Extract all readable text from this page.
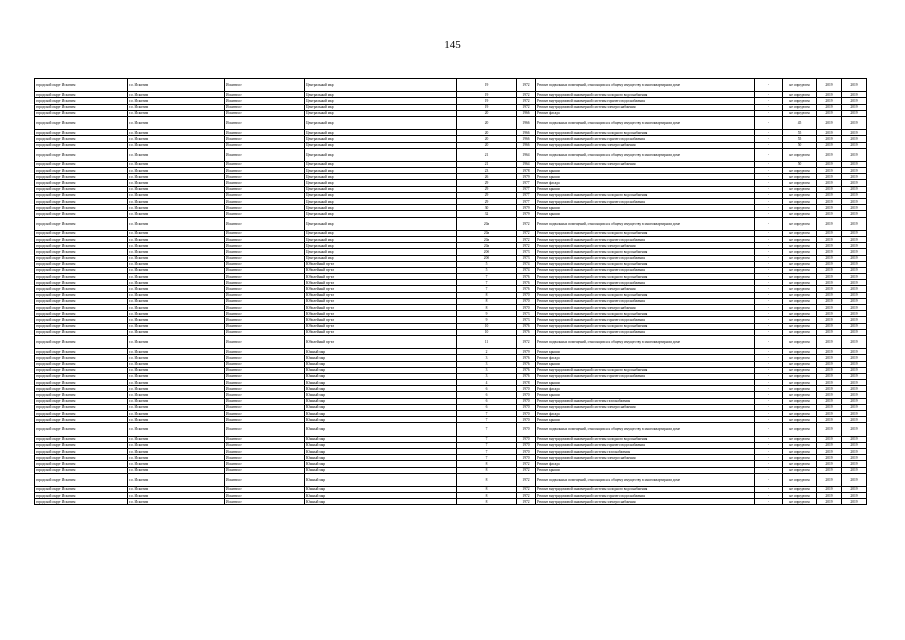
145
городской округ Искитим	г.о. Искитим	Искитим г	Центральный мкр	19	1972	Ремонт подвальных помещений, относящихся к общему имуществу в многоквартирном доме	-	не определен	2019	2019
городской округ Искитим	г.о. Искитим	Искитим г	Центральный мкр	19	1972	Ремонт внутридомовой инженерной системы холодного водоснабжения	-	не определен	2019	2019
городской округ Искитим	г.о. Искитим	Искитим г	Центральный мкр	19	1972	Ремонт внутридомовой инженерной системы горячего водоснабжения	-	не определен	2019	2019
городской округ Искитим	г.о. Искитим	Искитим г	Центральный мкр	19	1972	Ремонт внутридомовой инженерной системы электроснабжения	-	не определен	2019	2019
городской округ Искитим	г.о. Искитим	Искитим г	Центральный мкр	20	1966	Ремонт фасада	-	не определен	2019	2019
городской округ Искитим	г.о. Искитим	Искитим г	Центральный мкр	20	1966	Ремонт подвальных помещений, относящихся к общему имуществу в многоквартирном доме	-	45	2019	2019
городской округ Искитим	г.о. Искитим	Искитим г	Центральный мкр	20	1966	Ремонт внутридомовой инженерной системы холодного водоснабжения	-	55	2019	2019
городской округ Искитим	г.о. Искитим	Искитим г	Центральный мкр	20	1966	Ремонт внутридомовой инженерной системы горячего водоснабжения	-	55	2019	2019
городской округ Искитим	г.о. Искитим	Искитим г	Центральный мкр	20	1966	Ремонт внутридомовой инженерной системы электроснабжения	-	50	2019	2019
городской округ Искитим	г.о. Искитим	Искитим г	Центральный мкр	21	1964	Ремонт подвальных помещений, относящихся к общему имуществу в многоквартирном доме	-	не определен	2019	2019
городской округ Искитим	г.о. Искитим	Искитим г	Центральный мкр	21	1964	Ремонт внутридомовой инженерной системы электроснабжения	-	50	2019	2019
городской округ Искитим	г.о. Искитим	Искитим г	Центральный мкр	23	1978	Ремонт крыши	-	не определен	2019	2019
городской округ Искитим	г.о. Искитим	Искитим г	Центральный мкр	26	1979	Ремонт крыши	-	не определен	2019	2019
городской округ Искитим	г.о. Искитим	Искитим г	Центральный мкр	29	1977	Ремонт фасада	-	не определен	2019	2019
городской округ Искитим	г.о. Искитим	Искитим г	Центральный мкр	29	1977	Ремонт крыши	-	не определен	2019	2019
городской округ Искитим	г.о. Искитим	Искитим г	Центральный мкр	29	1977	Ремонт внутридомовой инженерной системы холодного водоснабжения	-	не определен	2019	2019
городской округ Искитим	г.о. Искитим	Искитим г	Центральный мкр	29	1977	Ремонт внутридомовой инженерной системы горячего водоснабжения	-	не определен	2019	2019
городской округ Искитим	г.о. Искитим	Искитим г	Центральный мкр	30	1979	Ремонт крыши	-	не определен	2019	2019
городской округ Искитим	г.о. Искитим	Искитим г	Центральный мкр	32	1979	Ремонт крыши	-	не определен	2019	2019
городской округ Искитим	г.о. Искитим	Искитим г	Центральный мкр	20а	1972	Ремонт подвальных помещений, относящихся к общему имуществу в многоквартирном доме	-	не определен	2019	2019
городской округ Искитим	г.о. Искитим	Искитим г	Центральный мкр	20а	1972	Ремонт внутридомовой инженерной системы холодного водоснабжения	-	не определен	2019	2019
городской округ Искитим	г.о. Искитим	Искитим г	Центральный мкр	20а	1972	Ремонт внутридомовой инженерной системы горячего водоснабжения	-	не определен	2019	2019
городской округ Искитим	г.о. Искитим	Искитим г	Центральный мкр	20а	1972	Ремонт внутридомовой инженерной системы электроснабжения	-	не определен	2019	2019
городской округ Искитим	г.о. Искитим	Искитим г	Центральный мкр	20б	1973	Ремонт внутридомовой инженерной системы холодного водоснабжения	-	не определен	2019	2019
городской округ Искитим	г.о. Искитим	Искитим г	Центральный мкр	20б	1973	Ремонт внутридомовой инженерной системы горячего водоснабжения	-	не определен	2019	2019
городской округ Искитим	г.о. Искитим	Искитим г	Юбилейный пр-кт	5	1974	Ремонт внутридомовой инженерной системы холодного водоснабжения	-	не определен	2019	2019
городской округ Искитим	г.о. Искитим	Искитим г	Юбилейный пр-кт	5	1974	Ремонт внутридомовой инженерной системы горячего водоснабжения	-	не определен	2019	2019
городской округ Искитим	г.о. Искитим	Искитим г	Юбилейный пр-кт	7	1976	Ремонт внутридомовой инженерной системы холодного водоснабжения	-	не определен	2019	2019
городской округ Искитим	г.о. Искитим	Искитим г	Юбилейный пр-кт	7	1976	Ремонт внутридомовой инженерной системы горячего водоснабжения	-	не определен	2019	2019
городской округ Искитим	г.о. Искитим	Искитим г	Юбилейный пр-кт	7	1976	Ремонт внутридомовой инженерной системы электроснабжения	-	не определен	2019	2019
городской округ Искитим	г.о. Искитим	Искитим г	Юбилейный пр-кт	8	1970	Ремонт внутридомовой инженерной системы холодного водоснабжения	-	не определен	2019	2019
городской округ Искитим	г.о. Искитим	Искитим г	Юбилейный пр-кт	8	1970	Ремонт внутридомовой инженерной системы горячего водоснабжения	-	не определен	2019	2019
городской округ Искитим	г.о. Искитим	Искитим г	Юбилейный пр-кт	8	1970	Ремонт внутридомовой инженерной системы электроснабжения	-	не определен	2019	2019
городской округ Искитим	г.о. Искитим	Искитим г	Юбилейный пр-кт	9	1973	Ремонт внутридомовой инженерной системы холодного водоснабжения	-	не определен	2019	2019
городской округ Искитим	г.о. Искитим	Искитим г	Юбилейный пр-кт	9	1973	Ремонт внутридомовой инженерной системы горячего водоснабжения	-	не определен	2019	2019
городской округ Искитим	г.о. Искитим	Искитим г	Юбилейный пр-кт	10	1976	Ремонт внутридомовой инженерной системы холодного водоснабжения	-	не определен	2019	2019
городской округ Искитим	г.о. Искитим	Искитим г	Юбилейный пр-кт	10	1976	Ремонт внутридомовой инженерной системы горячего водоснабжения	-	не определен	2019	2019
городской округ Искитим	г.о. Искитим	Искитим г	Юбилейный пр-кт	11	1972	Ремонт подвальных помещений, относящихся к общему имуществу в многоквартирном доме	-	не определен	2019	2019
городской округ Искитим	г.о. Искитим	Искитим г	Южный мкр	2	1979	Ремонт крыши	-	не определен	2019	2019
городской округ Искитим	г.о. Искитим	Искитим г	Южный мкр	3	1976	Ремонт фасада	-	не определен	2019	2019
городской округ Искитим	г.о. Искитим	Искитим г	Южный мкр	3	1976	Ремонт крыши	-	не определен	2019	2019
городской округ Искитим	г.о. Искитим	Искитим г	Южный мкр	3	1976	Ремонт внутридомовой инженерной системы холодного водоснабжения	-	не определен	2019	2019
городской округ Искитим	г.о. Искитим	Искитим г	Южный мкр	3	1976	Ремонт внутридомовой инженерной системы горячего водоснабжения	-	не определен	2019	2019
городской округ Искитим	г.о. Искитим	Искитим г	Южный мкр	4	1978	Ремонт крыши	-	не определен	2019	2019
городской округ Искитим	г.о. Искитим	Искитим г	Южный мкр	6	1970	Ремонт фасада	-	не определен	2019	2019
городской округ Искитим	г.о. Искитим	Искитим г	Южный мкр	6	1970	Ремонт крыши	-	не определен	2019	2019
городской округ Искитим	г.о. Искитим	Искитим г	Южный мкр	6	1970	Ремонт внутридомовой инженерной системы газоснабжения	-	не определен	2019	2019
городской округ Искитим	г.о. Искитим	Искитим г	Южный мкр	6	1970	Ремонт внутридомовой инженерной системы электроснабжения	-	не определен	2019	2019
городской округ Искитим	г.о. Искитим	Искитим г	Южный мкр	7	1970	Ремонт фасада	-	не определен	2019	2019
городской округ Искитим	г.о. Искитим	Искитим г	Южный мкр	7	1970	Ремонт крыши	-	не определен	2019	2019
городской округ Искитим	г.о. Искитим	Искитим г	Южный мкр	7	1970	Ремонт подвальных помещений, относящихся к общему имуществу в многоквартирном доме	-	не определен	2019	2019
городской округ Искитим	г.о. Искитим	Искитим г	Южный мкр	7	1970	Ремонт внутридомовой инженерной системы холодного водоснабжения	-	не определен	2019	2019
городской округ Искитим	г.о. Искитим	Искитим г	Южный мкр	7	1970	Ремонт внутридомовой инженерной системы горячего водоснабжения	-	не определен	2019	2019
городской округ Искитим	г.о. Искитим	Искитим г	Южный мкр	7	1970	Ремонт внутридомовой инженерной системы газоснабжения	-	не определен	2019	2019
городской округ Искитим	г.о. Искитим	Искитим г	Южный мкр	7	1970	Ремонт внутридомовой инженерной системы электроснабжения	-	не определен	2019	2019
городской округ Искитим	г.о. Искитим	Искитим г	Южный мкр	8	1972	Ремонт фасада	-	не определен	2019	2019
городской округ Искитим	г.о. Искитим	Искитим г	Южный мкр	8	1972	Ремонт крыши	-	не определен	2019	2019
городской округ Искитим	г.о. Искитим	Искитим г	Южный мкр	8	1972	Ремонт подвальных помещений, относящихся к общему имуществу в многоквартирном доме	-	не определен	2019	2019
городской округ Искитим	г.о. Искитим	Искитим г	Южный мкр	8	1972	Ремонт внутридомовой инженерной системы холодного водоснабжения	-	не определен	2019	2019
городской округ Искитим	г.о. Искитим	Искитим г	Южный мкр	8	1972	Ремонт внутридомовой инженерной системы горячего водоснабжения	-	не определен	2019	2019
городской округ Искитим	г.о. Искитим	Искитим г	Южный мкр	8	1972	Ремонт внутридомовой инженерной системы электроснабжения	-	не определен	2019	2019
